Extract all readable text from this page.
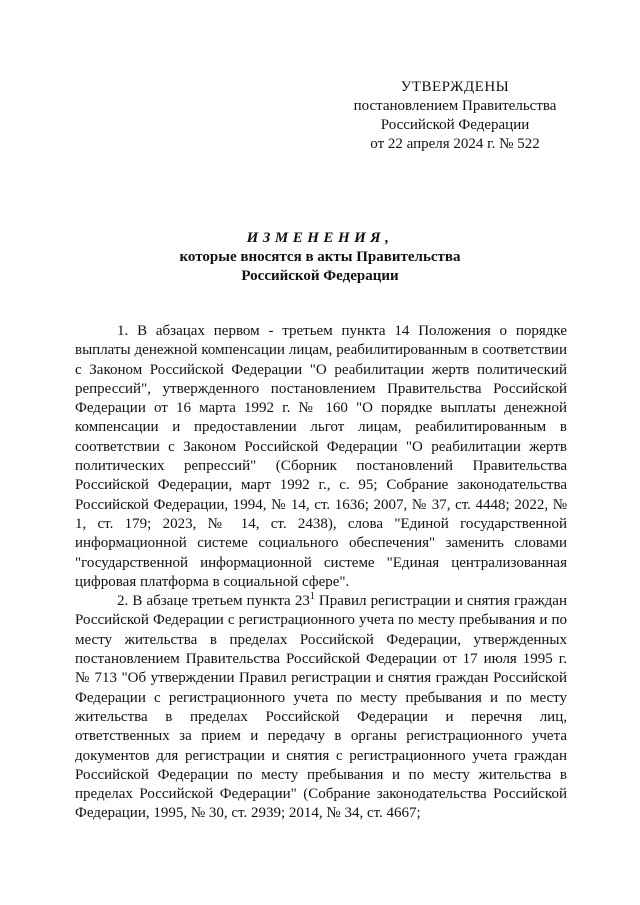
УТВЕРЖДЕНЫ
постановлением Правительства
Российской Федерации
от 22 апреля 2024 г. № 522
ИЗМЕНЕНИЯ,
которые вносятся в акты Правительства
Российской Федерации

1. В абзацах первом - третьем пункта 14 Положения о порядке выплаты денежной компенсации лицам, реабилитированным в соответствии с Законом Российской Федерации "О реабилитации жертв политический репрессий", утвержденного постановлением Правительства Российской Федерации от 16 марта 1992 г. № 160 "О порядке выплаты денежной компенсации и предоставлении льгот лицам, реабилитированным в соответствии с Законом Российской Федерации "О реабилитации жертв политических репрессий" (Сборник постановлений Правительства Российской Федерации, март 1992 г., с. 95; Собрание законодательства Российской Федерации, 1994, № 14, ст. 1636; 2007, № 37, ст. 4448; 2022, № 1, ст. 179; 2023, № 14, ст. 2438), слова "Единой государственной информационной системе социального обеспечения" заменить словами "государственной информационной системе "Единая централизованная цифровая платформа в социальной сфере".

2. В абзаце третьем пункта $23^1$ Правил регистрации и снятия граждан Российской Федерации с регистрационного учета по месту пребывания и по месту жительства в пределах Российской Федерации, утвержденных постановлением Правительства Российской Федерации от 17 июля 1995 г. № 713 "Об утверждении Правил регистрации и снятия граждан Российской Федерации с регистрационного учета по месту пребывания и по месту жительства в пределах Российской Федерации и перечня лиц, ответственных за прием и передачу в органы регистрационного учета документов для регистрации и снятия с регистрационного учета граждан Российской Федерации по месту пребывания и по месту жительства в пределах Российской Федерации" (Собрание законодательства Российской Федерации, 1995, № 30, ст. 2939; 2014, № 34, ст. 4667;
